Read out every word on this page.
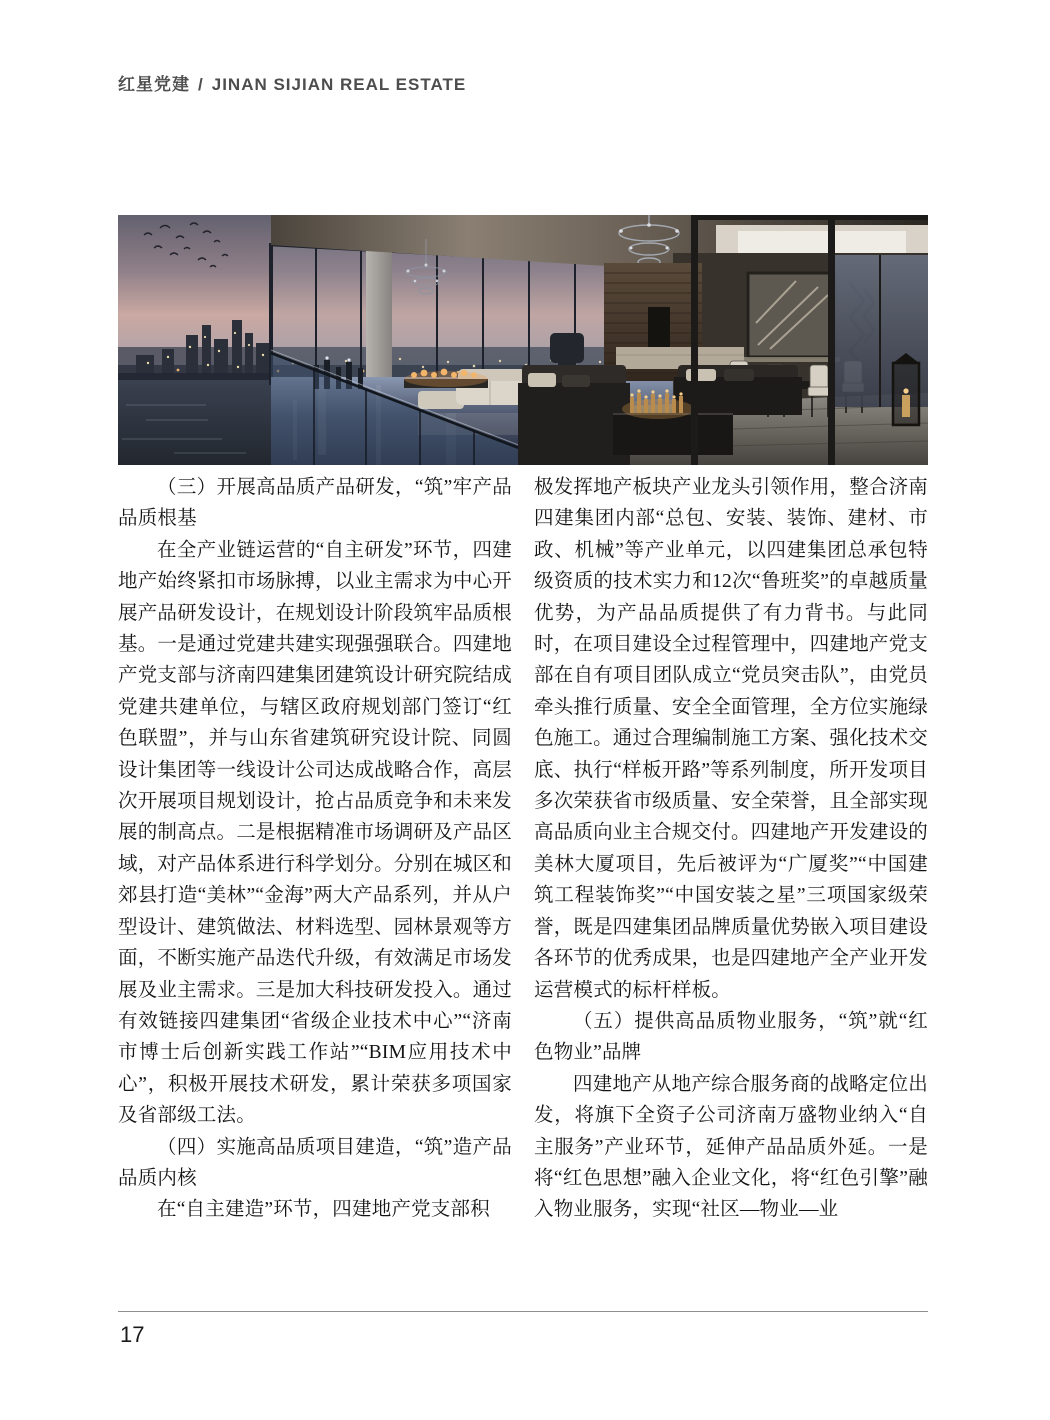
红星党建 / JINAN SIJIAN REAL ESTATE

（三）开展高品质产品研发，“筑”牢产品品质根基

在全产业链运营的“自主研发”环节，四建地产始终紧扣市场脉搏，以业主需求为中心开展产品研发设计，在规划设计阶段筑牢品质根基。一是通过党建共建实现强强联合。四建地产党支部与济南四建集团建筑设计研究院结成党建共建单位，与辖区政府规划部门签订“红色联盟”，并与山东省建筑研究设计院、同圆设计集团等一线设计公司达成战略合作，高层次开展项目规划设计，抢占品质竞争和未来发展的制高点。二是根据精准市场调研及产品区域，对产品体系进行科学划分。分别在城区和郊县打造“美林”“金海”两大产品系列，并从户型设计、建筑做法、材料选型、园林景观等方面，不断实施产品迭代升级，有效满足市场发展及业主需求。三是加大科技研发投入。通过有效链接四建集团“省级企业技术中心”“济南市博士后创新实践工作站”“BIM应用技术中心”，积极开展技术研发，累计荣获多项国家及省部级工法。

（四）实施高品质项目建造，“筑”造产品品质内核

在“自主建造”环节，四建地产党支部积

极发挥地产板块产业龙头引领作用，整合济南四建集团内部“总包、安装、装饰、建材、市政、机械”等产业单元，以四建集团总承包特级资质的技术实力和12次“鲁班奖”的卓越质量优势，为产品品质提供了有力背书。与此同时，在项目建设全过程管理中，四建地产党支部在自有项目团队成立“党员突击队”，由党员牵头推行质量、安全全面管理，全方位实施绿色施工。通过合理编制施工方案、强化技术交底、执行“样板开路”等系列制度，所开发项目多次荣获省市级质量、安全荣誉，且全部实现高品质向业主合规交付。四建地产开发建设的美林大厦项目，先后被评为“广厦奖”“中国建筑工程装饰奖”“中国安装之星”三项国家级荣誉，既是四建集团品牌质量优势嵌入项目建设各环节的优秀成果，也是四建地产全产业开发运营模式的标杆样板。

（五）提供高品质物业服务，“筑”就“红色物业”品牌

四建地产从地产综合服务商的战略定位出发，将旗下全资子公司济南万盛物业纳入“自主服务”产业环节，延伸产品品质外延。一是将“红色思想”融入企业文化，将“红色引擎”融入物业服务，实现“社区—物业—业

17
